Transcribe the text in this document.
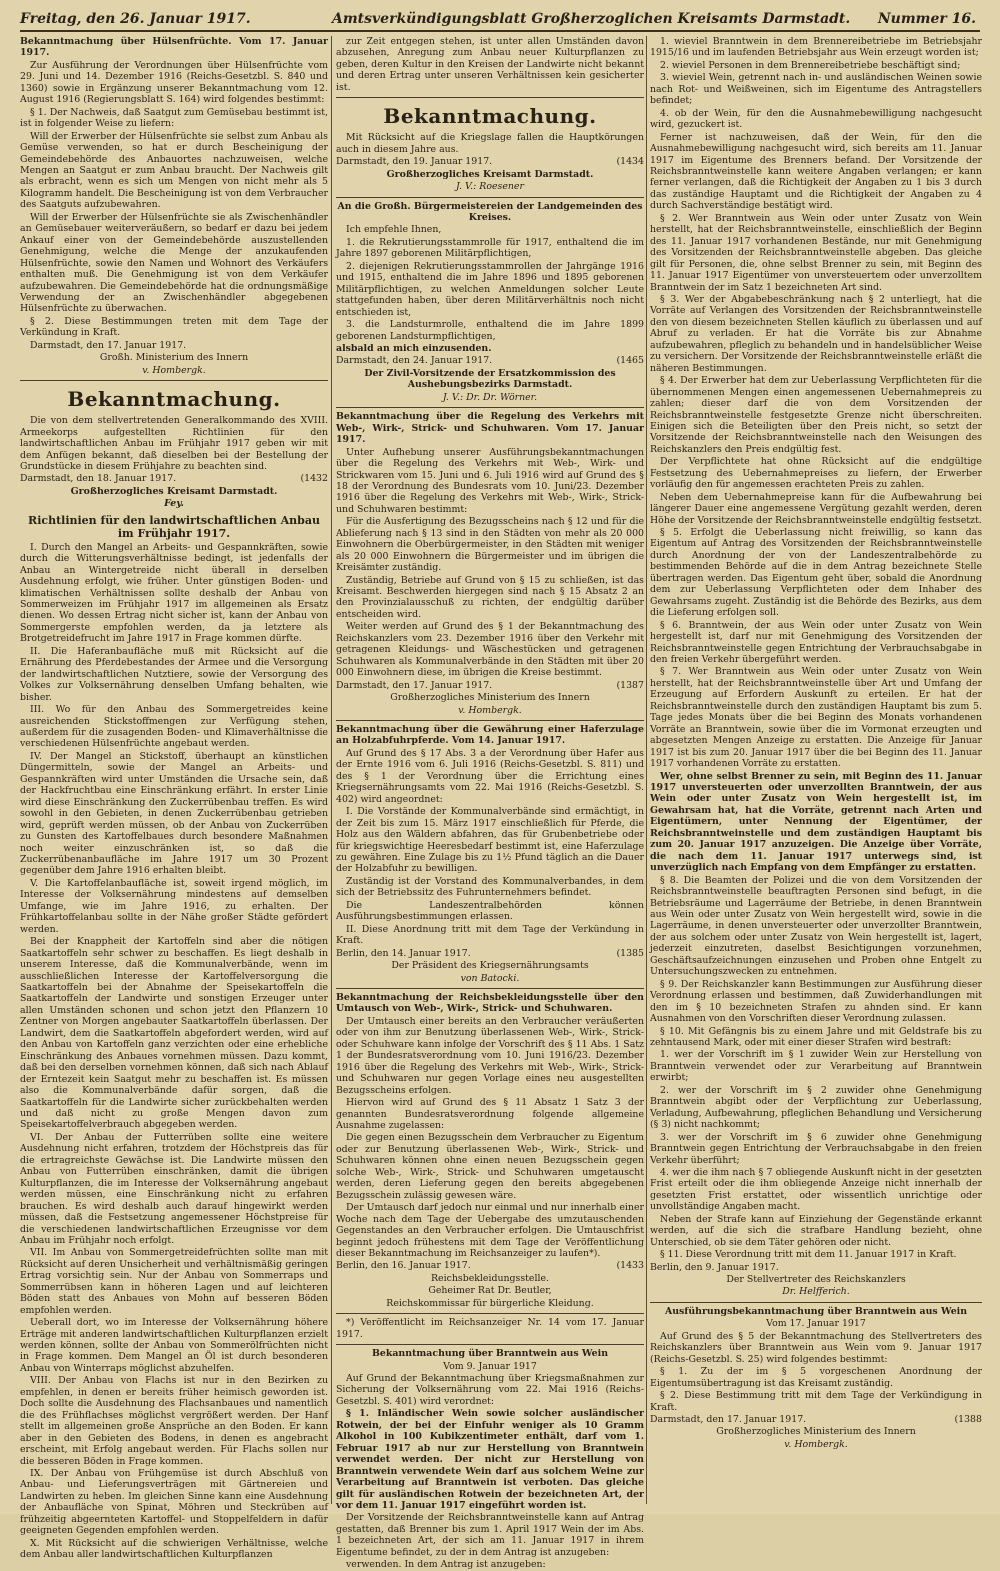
Freitag, den 26. Januar 1917.	Amtsverkündigungsblatt Großherzoglichen Kreisamts Darmstadt. Nummer 16.

Bekanntmachung über Hülsenfrüchte. Vom 17. Januar 1917.

Zur Ausführung der Verordnungen über Hülsenfrüchte vom 29. Juni und 14. Dezember 1916 (Reichs-Gesetzbl. S. 840 und 1360) sowie in Ergänzung unserer Bekanntmachung vom 12. August 1916 (Regierungsblatt S. 164) wird folgendes bestimmt:

§ 1. Der Nachweis, daß Saatgut zum Gemüsebau bestimmt ist, ist in folgender Weise zu liefern:

Will der Erwerber der Hülsenfrüchte sie selbst zum Anbau als Gemüse verwenden, so hat er durch Bescheinigung der Gemeindebehörde des Anbauortes nachzuweisen, welche Mengen an Saatgut er zum Anbau braucht. Der Nachweis gilt als erbracht, wenn es sich um Mengen von nicht mehr als 5 Kilogramm handelt. Die Bescheinigung ist von dem Verbraucher des Saatguts aufzubewahren.

Will der Erwerber der Hülsenfrüchte sie als Zwischenhändler an Gemüsebauer weiterveräußern, so bedarf er dazu bei jedem Ankauf einer von der Gemeindebehörde auszustellenden Genehmigung, welche die Menge der anzukaufenden Hülsenfrüchte, sowie den Namen und Wohnort des Verkäufers enthalten muß. Die Genehmigung ist von dem Verkäufer aufzubewahren. Die Gemeindebehörde hat die ordnungsmäßige Verwendung der an Zwischenhändler abgegebenen Hülsenfrüchte zu überwachen.

§ 2. Diese Bestimmungen treten mit dem Tage der Verkündung in Kraft.

Darmstadt, den 17. Januar 1917.

Großh. Ministerium des Innern

v. Hombergk.

Bekanntmachung.

Die von dem stellvertretenden Generalkommando des XVIII. Armeekorps aufgestellten Richtlinien für den landwirtschaftlichen Anbau im Frühjahr 1917 geben wir mit dem Anfügen bekannt, daß dieselben bei der Bestellung der Grundstücke in diesem Frühjahre zu beachten sind.

Darmstadt, den 18. Januar 1917.	(1432

Großherzogliches Kreisamt Darmstadt.

Fey.

Richtlinien für den landwirtschaftlichen Anbau im Frühjahr 1917.

I. Durch den Mangel an Arbeits- und Gespannkräften, sowie durch die Witterungsverhältnisse bedingt, ist jedenfalls der Anbau an Wintergetreide nicht überall in derselben Ausdehnung erfolgt, wie früher. Unter günstigen Boden- und klimatischen Verhältnissen sollte deshalb der Anbau von Sommerweizen im Frühjahr 1917 im allgemeinen als Ersatz dienen. Wo dessen Ertrag nicht sicher ist, kann der Anbau von Sommergerste empfohlen werden, da ja letztere als Brotgetreidefrucht im Jahre 1917 in Frage kommen dürfte.

II. Die Haferanbaufläche muß mit Rücksicht auf die Ernährung des Pferdebestandes der Armee und die Versorgung der landwirtschaftlichen Nutztiere, sowie der Versorgung des Volkes zur Volksernährung denselben Umfang behalten, wie bisher.

III. Wo für den Anbau des Sommergetreides keine ausreichenden Stickstoffmengen zur Verfügung stehen, außerdem für die zusagenden Boden- und Klimaverhältnisse die verschiedenen Hülsenfrüchte angebaut werden.

IV. Der Mangel an Stickstoff, überhaupt an künstlichen Düngermitteln, sowie der Mangel an Arbeits- und Gespannkräften wird unter Umständen die Ursache sein, daß der Hackfruchtbau eine Einschränkung erfährt. In erster Linie wird diese Einschränkung den Zuckerrübenbau treffen. Es wird sowohl in den Gebieten, in denen Zuckerrübenbau getrieben wird, geprüft werden müssen, ob der Anbau von Zuckerrüben zu Gunsten des Kartoffelbaues durch besondere Maßnahmen noch weiter einzuschränken ist, so daß die Zuckerrübenanbaufläche im Jahre 1917 um 30 Prozent gegenüber dem Jahre 1916 erhalten bleibt.

V. Die Kartoffelanbaufläche ist, soweit irgend möglich, im Interesse der Volksernährung mindestens auf demselben Umfange, wie im Jahre 1916, zu erhalten. Der Frühkartoffelanbau sollte in der Nähe großer Städte gefördert werden.

Bei der Knappheit der Kartoffeln sind aber die nötigen Saatkartoffeln sehr schwer zu beschaffen. Es liegt deshalb in unserem Interesse, daß die Kommunalverbände, wenn im ausschließlichen Interesse der Kartoffelversorgung die Saatkartoffeln bei der Abnahme der Speisekartoffeln die Saatkartoffeln der Landwirte und sonstigen Erzeuger unter allen Umständen schonen und schon jetzt den Pflanzern 10 Zentner von Morgen angebauter Saatkartoffeln überlassen. Der Landwirt, dem die Saatkartoffeln abgefordert werden, wird auf den Anbau von Kartoffeln ganz verzichten oder eine erhebliche Einschränkung des Anbaues vornehmen müssen. Dazu kommt, daß bei den derselben vornehmen können, daß sich nach Ablauf der Erntezeit kein Saatgut mehr zu beschaffen ist. Es müssen also die Kommunalverbände dafür sorgen, daß die Saatkartoffeln für die Landwirte sicher zurückbehalten werden und daß nicht zu große Mengen davon zum Speisekartoffelverbrauch abgegeben werden.

VI. Der Anbau der Futterrüben sollte eine weitere Ausdehnung nicht erfahren, trotzdem der Höchstpreis das für die ertragreichste Gewächse ist. Die Landwirte müssen den Anbau von Futterrüben einschränken, damit die übrigen Kulturpflanzen, die im Interesse der Volksernährung angebaut werden müssen, eine Einschränkung nicht zu erfahren brauchen. Es wird deshalb auch darauf hingewirkt werden müssen, daß die Festsetzung angemessener Höchstpreise für die verschiedenen landwirtschaftlichen Erzeugnisse vor dem Anbau im Frühjahr noch erfolgt.

VII. Im Anbau von Sommergetreidefrüchten sollte man mit Rücksicht auf deren Unsicherheit und verhältnismäßig geringen Ertrag vorsichtig sein. Nur der Anbau von Sommerraps und Sommerrübsen kann in höheren Lagen und auf leichteren Böden statt des Anbaues von Mohn auf besseren Böden empfohlen werden.

Ueberall dort, wo im Interesse der Volksernährung höhere Erträge mit anderen landwirtschaftlichen Kulturpflanzen erzielt werden können, sollte der Anbau von Sommerölfrüchten nicht in Frage kommen. Dem Mangel an Öl ist durch besonderen Anbau von Winterraps möglichst abzuhelfen.

VIII. Der Anbau von Flachs ist nur in den Bezirken zu empfehlen, in denen er bereits früher heimisch geworden ist. Doch sollte die Ausdehnung des Flachsanbaues und namentlich die des Frühflachses möglichst vergrößert werden. Der Hanf stellt im allgemeinen große Ansprüche an den Boden. Er kann aber in den Gebieten des Bodens, in denen es angebracht erscheint, mit Erfolg angebaut werden. Für Flachs sollen nur die besseren Böden in Frage kommen.

IX. Der Anbau von Frühgemüse ist durch Abschluß von Anbau- und Lieferungsverträgen mit Gärtnereien und Landwirten zu heben. Im gleichen Sinne kann eine Ausdehnung der Anbaufläche von Spinat, Möhren und Steckrüben auf frühzeitig abgeernteten Kartoffel- und Stoppelfeldern in dafür geeigneten Gegenden empfohlen werden.

X. Mit Rücksicht auf die schwierigen Verhältnisse, welche dem Anbau aller landwirtschaftlichen Kulturpflanzen

zur Zeit entgegen stehen, ist unter allen Umständen davon abzusehen, Anregung zum Anbau neuer Kulturpflanzen zu geben, deren Kultur in den Kreisen der Landwirte nicht bekannt und deren Ertrag unter unseren Verhältnissen kein gesicherter ist.

Bekanntmachung.

Mit Rücksicht auf die Kriegslage fallen die Hauptkörungen auch in diesem Jahre aus.

Darmstadt, den 19. Januar 1917.	(1434

Großherzogliches Kreisamt Darmstadt.

J. V.: Roesener

An die Großh. Bürgermeistereien der Landgemeinden des Kreises.

Ich empfehle Ihnen,

1. die Rekrutierungsstammrolle für 1917, enthaltend die im Jahre 1897 geborenen Militärpflichtigen,

2. diejenigen Rekrutierungsstammrollen der Jahrgänge 1916 und 1915, enthaltend die im Jahre 1896 und 1895 geborenen Militärpflichtigen, zu welchen Anmeldungen solcher Leute stattgefunden haben, über deren Militärverhältnis noch nicht entschieden ist,

3. die Landsturmrolle, enthaltend die im Jahre 1899 geborenen Landsturmpflichtigen,

alsbald an mich einzusenden.

Darmstadt, den 24. Januar 1917.	(1465

Der Zivil-Vorsitzende der Ersatzkommission des Aushebungsbezirks Darmstadt.

J. V.: Dr. Dr. Wörner.

Bekanntmachung über die Regelung des Verkehrs mit Web-, Wirk-, Strick- und Schuhwaren. Vom 17. Januar 1917.

Unter Aufhebung unserer Ausführungsbekanntmachungen über die Regelung des Verkehrs mit Web-, Wirk- und Strickwaren vom 15. Juni und 6. Juli 1916 wird auf Grund des § 18 der Verordnung des Bundesrats vom 10. Juni/23. Dezember 1916 über die Regelung des Verkehrs mit Web-, Wirk-, Strick- und Schuhwaren bestimmt:

Für die Ausfertigung des Bezugsscheins nach § 12 und für die Ablieferung nach § 13 sind in den Städten von mehr als 20 000 Einwohnern die Oberbürgermeister, in den Städten mit weniger als 20 000 Einwohnern die Bürgermeister und im übrigen die Kreisämter zuständig.

Zuständig, Betriebe auf Grund von § 15 zu schließen, ist das Kreisamt. Beschwerden hiergegen sind nach § 15 Absatz 2 an den Provinzialausschuß zu richten, der endgültig darüber entscheiden wird.

Weiter werden auf Grund des § 1 der Bekanntmachung des Reichskanzlers vom 23. Dezember 1916 über den Verkehr mit getragenen Kleidungs- und Wäschestücken und getragenen Schuhwaren als Kommunalverbände in den Städten mit über 20 000 Einwohnern diese, im übrigen die Kreise bestimmt.

Darmstadt, den 17. Januar 1917.	(1387

Großherzogliches Ministerium des Innern

v. Hombergk.

Bekanntmachung über die Gewährung einer Haferzulage an Holzabfuhrpferde. Vom 14. Januar 1917.

Auf Grund des § 17 Abs. 3 a der Verordnung über Hafer aus der Ernte 1916 vom 6. Juli 1916 (Reichs-Gesetzbl. S. 811) und des § 1 der Verordnung über die Errichtung eines Kriegsernährungsamts vom 22. Mai 1916 (Reichs-Gesetzbl. S. 402) wird angeordnet:

I. Die Vorstände der Kommunalverbände sind ermächtigt, in der Zeit bis zum 15. März 1917 einschließlich für Pferde, die Holz aus den Wäldern abfahren, das für Grubenbetriebe oder für kriegswichtige Heeresbedarf bestimmt ist, eine Haferzulage zu gewähren. Eine Zulage bis zu 1½ Pfund täglich an die Dauer der Holzabfuhr zu bewilligen.

Zuständig ist der Vorstand des Kommunalverbandes, in dem sich der Betriebssitz des Fuhrunternehmers befindet.

Die Landeszentralbehörden können Ausführungsbestimmungen erlassen.

II. Diese Anordnung tritt mit dem Tage der Verkündung in Kraft.

Berlin, den 14. Januar 1917.	(1385

Der Präsident des Kriegsernährungsamts

von Batocki.

Bekanntmachung der Reichsbekleidungsstelle über den Umtausch von Web-, Wirk-, Strick- und Schuhwaren.

Der Umtausch einer bereits an den Verbraucher veräußerten oder von ihm zur Benutzung überlassenen Web-, Wirk-, Strick- oder Schuhware kann infolge der Vorschrift des § 11 Abs. 1 Satz 1 der Bundesratsverordnung vom 10. Juni 1916/23. Dezember 1916 über die Regelung des Verkehrs mit Web-, Wirk-, Strick- und Schuhwaren nur gegen Vorlage eines neu ausgestellten Bezugsscheins erfolgen.

Hiervon wird auf Grund des § 11 Absatz 1 Satz 3 der genannten Bundesratsverordnung folgende allgemeine Ausnahme zugelassen:

Die gegen einen Bezugsschein dem Verbraucher zu Eigentum oder zur Benutzung überlassenen Web-, Wirk-, Strick- und Schuhwaren können ohne einen neuen Bezugsschein gegen solche Web-, Wirk-, Strick- und Schuhwaren umgetauscht werden, deren Lieferung gegen den bereits abgegebenen Bezugsschein zulässig gewesen wäre.

Der Umtausch darf jedoch nur einmal und nur innerhalb einer Woche nach dem Tage der Uebergabe des umzutauschenden Gegenstandes an den Verbraucher erfolgen. Die Umtauschfrist beginnt jedoch frühestens mit dem Tage der Veröffentlichung dieser Bekanntmachung im Reichsanzeiger zu laufen*).

Berlin, den 16. Januar 1917.	(1433

Reichsbekleidungsstelle.

Geheimer Rat Dr. Beutler,

Reichskommissar für bürgerliche Kleidung.

*) Veröffentlicht im Reichsanzeiger Nr. 14 vom 17. Januar 1917.

Bekanntmachung über Branntwein aus Wein

Vom 9. Januar 1917

Auf Grund der Bekanntmachung über Kriegsmaßnahmen zur Sicherung der Volksernährung vom 22. Mai 1916 (Reichs-Gesetzbl. S. 401) wird verordnet:

§ 1. Inländischer Wein sowie solcher ausländischer Rotwein, der bei der Einfuhr weniger als 10 Gramm Alkohol in 100 Kubikzentimeter enthält, darf vom 1. Februar 1917 ab nur zur Herstellung von Branntwein verwendet werden. Der nicht zur Herstellung von Branntwein verwendete Wein darf aus solchem Weine zur Verarbeitung auf Branntwein ist verboten. Das gleiche gilt für ausländischen Rotwein der bezeichneten Art, der vor dem 11. Januar 1917 eingeführt worden ist.

Der Vorsitzende der Reichsbranntweinstelle kann auf Antrag gestatten, daß Brenner bis zum 1. April 1917 Wein der im Abs. 1 bezeichneten Art, der sich am 11. Januar 1917 in ihrem Eigentume befindet, zu der in dem Antrag ist anzugeben:

verwenden. In dem Antrag ist anzugeben:

1. wieviel Branntwein in dem Brennereibetriebe im Betriebsjahr 1915/16 und im laufenden Betriebsjahr aus Wein erzeugt worden ist;

2. wieviel Personen in dem Brennereibetriebe beschäftigt sind;

3. wieviel Wein, getrennt nach in- und ausländischen Weinen sowie nach Rot- und Weißweinen, sich im Eigentume des Antragstellers befindet;

4. ob der Wein, für den die Ausnahmebewilligung nachgesucht wird, gezuckert ist.

Ferner ist nachzuweisen, daß der Wein, für den die Ausnahmebewilligung nachgesucht wird, sich bereits am 11. Januar 1917 im Eigentume des Brenners befand. Der Vorsitzende der Reichsbranntweinstelle kann weitere Angaben verlangen; er kann ferner verlangen, daß die Richtigkeit der Angaben zu 1 bis 3 durch das zuständige Hauptamt und die Richtigkeit der Angaben zu 4 durch Sachverständige bestätigt wird.

§ 2. Wer Branntwein aus Wein oder unter Zusatz von Wein herstellt, hat der Reichsbranntweinstelle, einschließlich der Beginn des 11. Januar 1917 vorhandenen Bestände, nur mit Genehmigung des Vorsitzenden der Reichsbranntweinstelle abgeben. Das gleiche gilt für Personen, die, ohne selbst Brenner zu sein, mit Beginn des 11. Januar 1917 Eigentümer von unversteuertem oder unverzolltem Branntwein der im Satz 1 bezeichneten Art sind.

§ 3. Wer der Abgabebeschränkung nach § 2 unterliegt, hat die Vorräte auf Verlangen des Vorsitzenden der Reichsbranntweinstelle den von diesem bezeichneten Stellen käuflich zu überlassen und auf Abruf zu verladen. Er hat die Vorräte bis zur Abnahme aufzubewahren, pfleglich zu behandeln und in handelsüblicher Weise zu versichern. Der Vorsitzende der Reichsbranntweinstelle erläßt die näheren Bestimmungen.

§ 4. Der Erwerber hat dem zur Ueberlassung Verpflichteten für die übernommenen Mengen einen angemessenen Uebernahmepreis zu zahlen; dieser darf die von dem Vorsitzenden der Reichsbranntweinstelle festgesetzte Grenze nicht überschreiten. Einigen sich die Beteiligten über den Preis nicht, so setzt der Vorsitzende der Reichsbranntweinstelle nach den Weisungen des Reichskanzlers den Preis endgültig fest.

Der Verpflichtete hat ohne Rücksicht auf die endgültige Festsetzung des Uebernahmepreises zu liefern, der Erwerber vorläufig den für angemessen erachteten Preis zu zahlen.

Neben dem Uebernahmepreise kann für die Aufbewahrung bei längerer Dauer eine angemessene Vergütung gezahlt werden, deren Höhe der Vorsitzende der Reichsbranntweinstelle endgültig festsetzt.

§ 5. Erfolgt die Ueberlassung nicht freiwillig, so kann das Eigentum auf Antrag des Vorsitzenden der Reichsbranntweinstelle durch Anordnung der von der Landeszentralbehörde zu bestimmenden Behörde auf die in dem Antrag bezeichnete Stelle übertragen werden. Das Eigentum geht über, sobald die Anordnung dem zur Ueberlassung Verpflichteten oder dem Inhaber des Gewahrsams zugeht. Zuständig ist die Behörde des Bezirks, aus dem die Lieferung erfolgen soll.

§ 6. Branntwein, der aus Wein oder unter Zusatz von Wein hergestellt ist, darf nur mit Genehmigung des Vorsitzenden der Reichsbranntweinstelle gegen Entrichtung der Verbrauchsabgabe in den freien Verkehr übergeführt werden.

§ 7. Wer Branntwein aus Wein oder unter Zusatz von Wein herstellt, hat der Reichsbranntweinstelle über Art und Umfang der Erzeugung auf Erfordern Auskunft zu erteilen. Er hat der Reichsbranntweinstelle durch den zuständigen Hauptamt bis zum 5. Tage jedes Monats über die bei Beginn des Monats vorhandenen Vorräte an Branntwein, sowie über die im Vormonat erzeugten und abgesetzten Mengen Anzeige zu erstatten. Die Anzeige für Januar 1917 ist bis zum 20. Januar 1917 über die bei Beginn des 11. Januar 1917 vorhandenen Vorräte zu erstatten.

Wer, ohne selbst Brenner zu sein, mit Beginn des 11. Januar 1917 unversteuerten oder unverzollten Branntwein, der aus Wein oder unter Zusatz von Wein hergestellt ist, im Gewahrsam hat, hat die Vorräte, getrennt nach Arten und Eigentümern, unter Nennung der Eigentümer, der Reichsbranntweinstelle und dem zuständigen Hauptamt bis zum 20. Januar 1917 anzuzeigen. Die Anzeige über Vorräte, die nach dem 11. Januar 1917 unterwegs sind, ist unverzüglich nach Empfang von dem Empfänger zu erstatten.

§ 8. Die Beamten der Polizei und die von dem Vorsitzenden der Reichsbranntweinstelle beauftragten Personen sind befugt, in die Betriebsräume und Lagerräume der Betriebe, in denen Branntwein aus Wein oder unter Zusatz von Wein hergestellt wird, sowie in die Lagerräume, in denen unversteuerter oder unverzollter Branntwein, der aus solchem oder unter Zusatz von Wein hergestellt ist, lagert, jederzeit einzutreten, daselbst Besichtigungen vorzunehmen, Geschäftsaufzeichnungen einzusehen und Proben ohne Entgelt zu Untersuchungszwecken zu entnehmen.

§ 9. Der Reichskanzler kann Bestimmungen zur Ausführung dieser Verordnung erlassen und bestimmen, daß Zuwiderhandlungen mit den im § 10 bezeichneten Strafen zu ahnden sind. Er kann Ausnahmen von den Vorschriften dieser Verordnung zulassen.

§ 10. Mit Gefängnis bis zu einem Jahre und mit Geldstrafe bis zu zehntausend Mark, oder mit einer dieser Strafen wird bestraft:

1. wer der Vorschrift im § 1 zuwider Wein zur Herstellung von Branntwein verwendet oder zur Verarbeitung auf Branntwein erwirbt;

2. wer der Vorschrift im § 2 zuwider ohne Genehmigung Branntwein abgibt oder der Verpflichtung zur Ueberlassung, Verladung, Aufbewahrung, pfleglichen Behandlung und Versicherung (§ 3) nicht nachkommt;

3. wer der Vorschrift im § 6 zuwider ohne Genehmigung Branntwein gegen Entrichtung der Verbrauchsabgabe in den freien Verkehr überführt;

4. wer die ihm nach § 7 obliegende Auskunft nicht in der gesetzten Frist erteilt oder die ihm obliegende Anzeige nicht innerhalb der gesetzten Frist erstattet, oder wissentlich unrichtige oder unvollständige Angaben macht.

Neben der Strafe kann auf Einziehung der Gegenstände erkannt werden, auf die sich die strafbare Handlung bezieht, ohne Unterschied, ob sie dem Täter gehören oder nicht.

§ 11. Diese Verordnung tritt mit dem 11. Januar 1917 in Kraft.

Berlin, den 9. Januar 1917.

Der Stellvertreter des Reichskanzlers

Dr. Helfferich.

Ausführungsbekanntmachung über Branntwein aus Wein

Vom 17. Januar 1917

Auf Grund des § 5 der Bekanntmachung des Stellvertreters des Reichskanzlers über Branntwein aus Wein vom 9. Januar 1917 (Reichs-Gesetzbl. S. 25) wird folgendes bestimmt:

§ 1. Zu der im § 5 vorgeschenen Anordnung der Eigentumsübertragung ist das Kreisamt zuständig.

§ 2. Diese Bestimmung tritt mit dem Tage der Verkündigung in Kraft.

Darmstadt, den 17. Januar 1917.	(1388

Großherzogliches Ministerium des Innern

v. Hombergk.
